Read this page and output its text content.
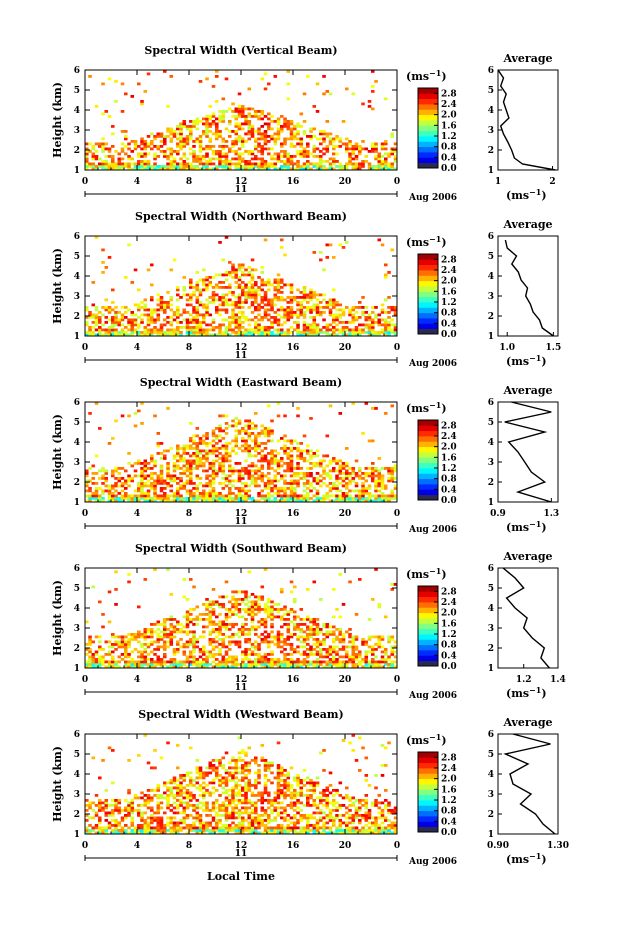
Spectral Width (Vertical Beam)
1
2
3
4
5
6
0	4	8	12	16	20	0
Height (km)
11
Aug 2006
0.0
0.4
0.8
1.2
1.6
2.0
2.4
2.8
$(ms^{-1})$
Average
1
2
3
4
5
6
1	2
$(ms^{-1})$
Spectral Width (Northward Beam)
1
2
3
4
5
6
0	4	8	12	16	20	0
Height (km)
11
Aug 2006
0.0
0.4
0.8
1.2
1.6
2.0
2.4
2.8
$(ms^{-1})$
Average
1
2
3
4
5
6
1.0	1.5
$(ms^{-1})$
Spectral Width (Eastward Beam)
1
2
3
4
5
6
0	4	8	12	16	20	0
Height (km)
11
Aug 2006
0.0
0.4
0.8
1.2
1.6
2.0
2.4
2.8
$(ms^{-1})$
Average
1
2
3
4
5
6
0.9	1.3
$(ms^{-1})$
Spectral Width (Southward Beam)
1
2
3
4
5
6
0	4	8	12	16	20	0
Height (km)
11
Aug 2006
0.0
0.4
0.8
1.2
1.6
2.0
2.4
2.8
$(ms^{-1})$
Average
1
2
3
4
5
6
1.2 1.4
$(ms^{-1})$
Spectral Width (Westward Beam)
1
2
3
4
5
6
0	4	8	12	16	20	0
Height (km)
11
Aug 2006
0.0
0.4
0.8
1.2
1.6
2.0
2.4
2.8
$(ms^{-1})$
Average
1
2
3
4
5
6
0.90	1.30
$(ms^{-1})$
Local Time
